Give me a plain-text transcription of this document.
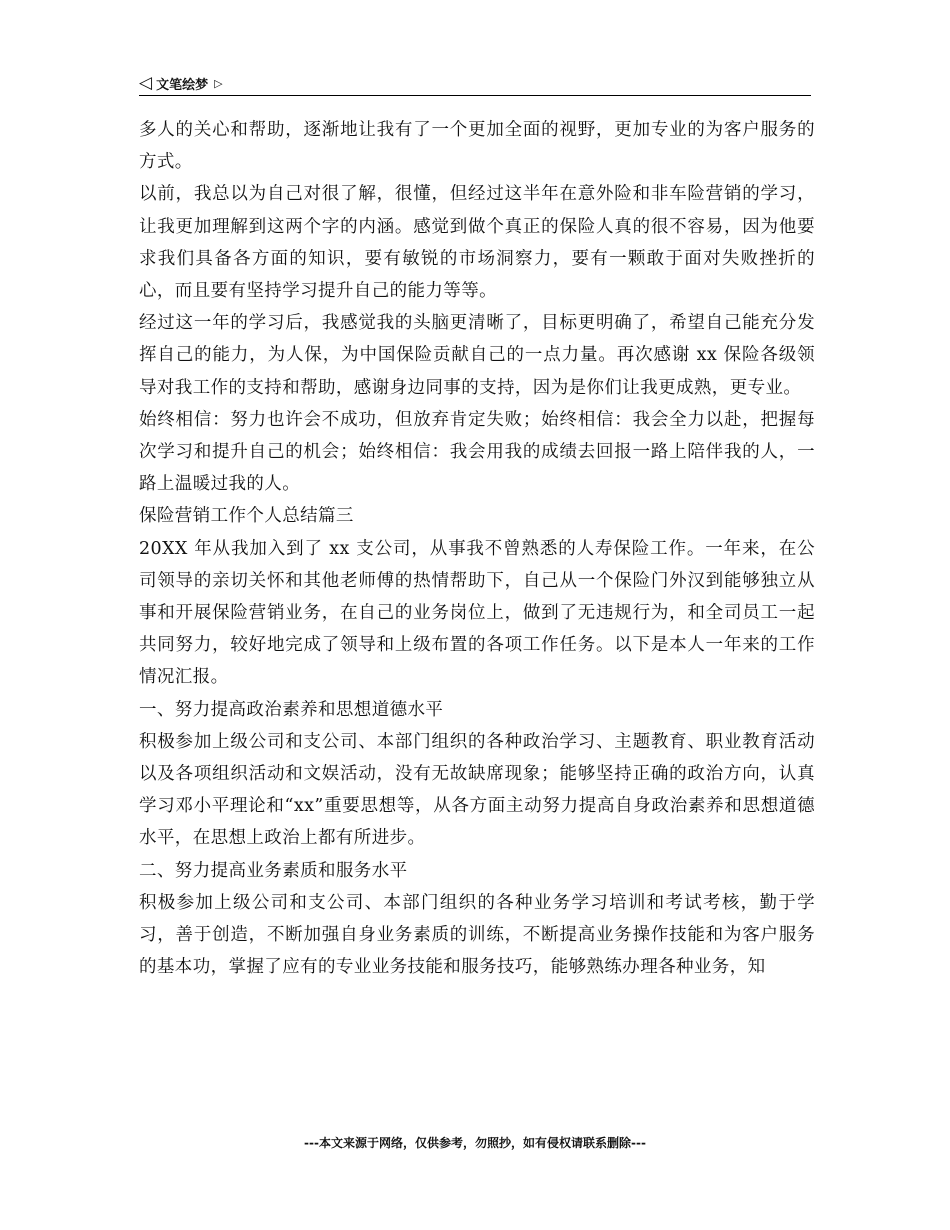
◁ 文笔绘梦 ▷

多人的关心和帮助，逐渐地让我有了一个更加全面的视野，更加专业的为客户服务的方式。

以前，我总以为自己对很了解，很懂，但经过这半年在意外险和非车险营销的学习，让我更加理解到这两个字的内涵。感觉到做个真正的保险人真的很不容易，因为他要求我们具备各方面的知识，要有敏锐的市场洞察力，要有一颗敢于面对失败挫折的心，而且要有坚持学习提升自己的能力等等。

经过这一年的学习后，我感觉我的头脑更清晰了，目标更明确了，希望自己能充分发挥自己的能力，为人保，为中国保险贡献自己的一点力量。再次感谢 xx 保险各级领导对我工作的支持和帮助，感谢身边同事的支持，因为是你们让我更成熟，更专业。

始终相信：努力也许会不成功，但放弃肯定失败；始终相信：我会全力以赴，把握每次学习和提升自己的机会；始终相信：我会用我的成绩去回报一路上陪伴我的人，一路上温暖过我的人。

保险营销工作个人总结篇三

20XX 年从我加入到了 xx 支公司，从事我不曾熟悉的人寿保险工作。一年来，在公司领导的亲切关怀和其他老师傅的热情帮助下，自己从一个保险门外汉到能够独立从事和开展保险营销业务，在自己的业务岗位上，做到了无违规行为，和全司员工一起共同努力，较好地完成了领导和上级布置的各项工作任务。以下是本人一年来的工作情况汇报。

一、努力提高政治素养和思想道德水平

积极参加上级公司和支公司、本部门组织的各种政治学习、主题教育、职业教育活动以及各项组织活动和文娱活动，没有无故缺席现象；能够坚持正确的政治方向，认真学习邓小平理论和“xx”重要思想等，从各方面主动努力提高自身政治素养和思想道德水平，在思想上政治上都有所进步。

二、努力提高业务素质和服务水平

积极参加上级公司和支公司、本部门组织的各种业务学习培训和考试考核，勤于学习，善于创造，不断加强自身业务素质的训练，不断提高业务操作技能和为客户服务的基本功，掌握了应有的专业业务技能和服务技巧，能够熟练办理各种业务，知

---本文来源于网络，仅供参考，勿照抄，如有侵权请联系删除---
